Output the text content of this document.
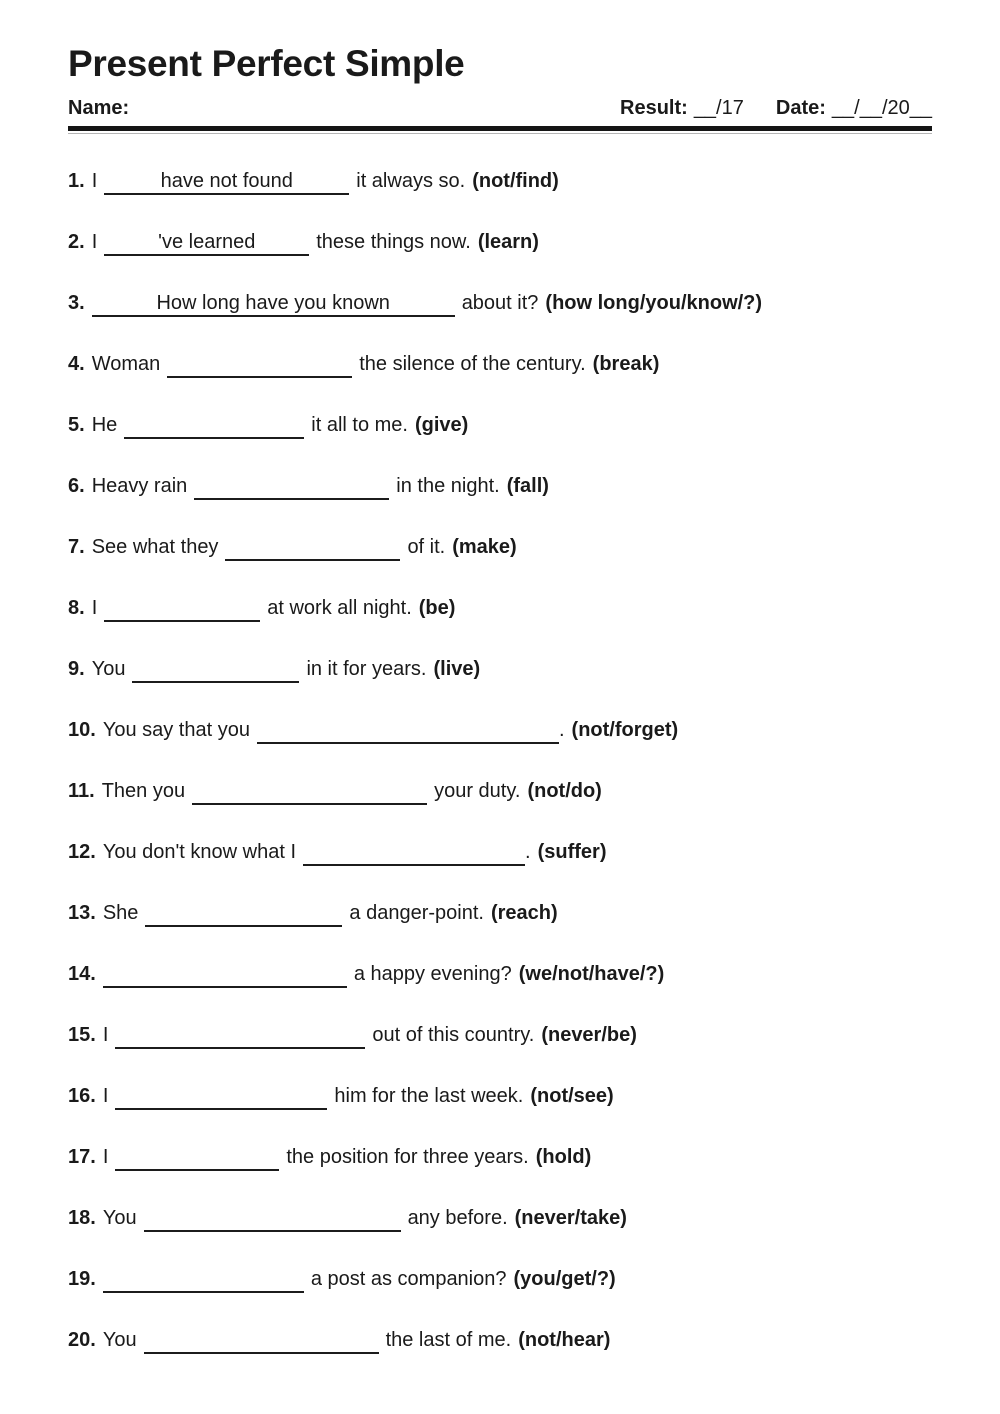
Present Perfect Simple
Name:	Result: __/17 Date: __/__/20__
1. I	have not found	it always so. (not/find)
2. I	've learned	these things now. (learn)
3.	How long have you known	about it? (how long/you/know/?)
4. Woman	the silence of the century. (break)
5. He	it all to me. (give)
6. Heavy rain	in the night. (fall)
7. See what they	of it. (make)
8. I	at work all night. (be)
9. You	in it for years. (live)
10. You say that you	. (not/forget)
11. Then you	your duty. (not/do)
12. You don't know what I	. (suffer)
13. She	a danger-point. (reach)
14.	a happy evening? (we/not/have/?)
15. I	out of this country. (never/be)
16. I	him for the last week. (not/see)
17. I	the position for three years. (hold)
18. You	any before. (never/take)
19.	a post as companion? (you/get/?)
20. You	the last of me. (not/hear)
